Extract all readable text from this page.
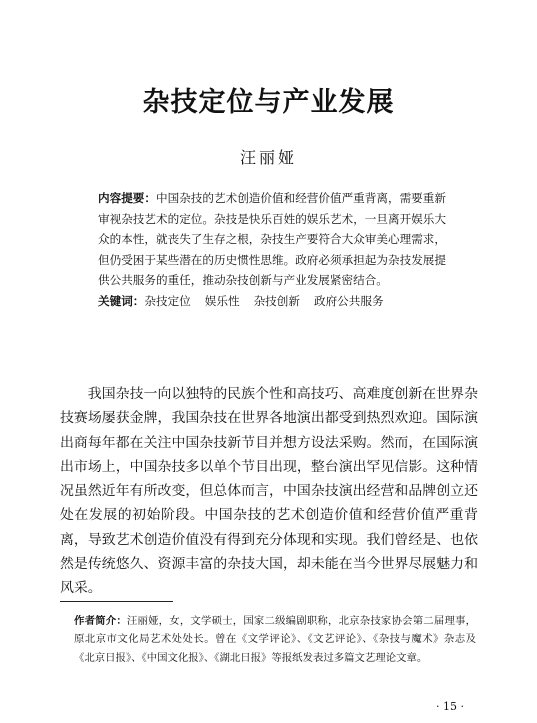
杂技定位与产业发展
汪丽娅
内容提要：中国杂技的艺术创造价值和经营价值严重背离，需要重新审视杂技艺术的定位。杂技是快乐百姓的娱乐艺术，一旦离开娱乐大众的本性，就丧失了生存之根，杂技生产要符合大众审美心理需求，但仍受困于某些潜在的历史惯性思维。政府必须承担起为杂技发展提供公共服务的重任，推动杂技创新与产业发展紧密结合。
关键词：杂技定位 娱乐性 杂技创新 政府公共服务

我国杂技一向以独特的民族个性和高技巧、高难度创新在世界杂技赛场屡获金牌，我国杂技在世界各地演出都受到热烈欢迎。国际演出商每年都在关注中国杂技新节目并想方设法采购。然而，在国际演出市场上，中国杂技多以单个节目出现，整台演出罕见信影。这种情况虽然近年有所改变，但总体而言，中国杂技演出经营和品牌创立还处在发展的初始阶段。中国杂技的艺术创造价值和经营价值严重背离，导致艺术创造价值没有得到充分体现和实现。我们曾经是、也依然是传统悠久、资源丰富的杂技大国，却未能在当今世界尽展魅力和风采。

作者简介：汪丽娅，女，文学硕士，国家二级编剧职称，北京杂技家协会第二届理事，原北京市文化局艺术处处长。曾在《文学评论》、《文艺评论》、《杂技与魔术》杂志及《北京日报》、《中国文化报》、《湖北日报》等报纸发表过多篇文艺理论文章。
· 15 ·
